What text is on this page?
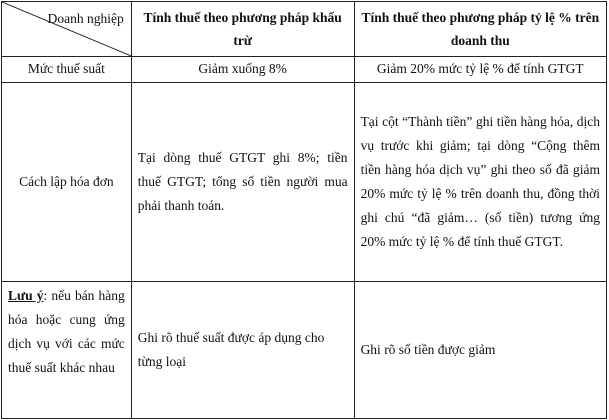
Doanh nghiệp	Tính thuế theo phương pháp khấu trừ	Tính thuế theo phương pháp tỷ lệ % trên doanh thu
Mức thuế suất	Giảm xuống 8%	Giảm 20% mức tỷ lệ % để tính GTGT
Cách lập hóa đơn	Tại dòng thuế GTGT ghi 8%; tiền thuế GTGT; tổng số tiền người mua phải thanh toán.	Tại cột “Thành tiền” ghi tiền hàng hóa, dịch vụ trước khi giảm; tại dòng “Cộng thêm tiền hàng hóa dịch vụ” ghi theo số đã giảm 20% mức tỷ lệ % trên doanh thu, đồng thời ghi chú “đã giảm… (số tiền) tương ứng 20% mức tỷ lệ % để tính thuế GTGT.
Lưu ý: nếu bán hàng hóa hoặc cung ứng dịch vụ với các mức thuế suất khác nhau	Ghi rõ thuế suất được áp dụng cho từng loại	Ghi rõ số tiền được giảm
